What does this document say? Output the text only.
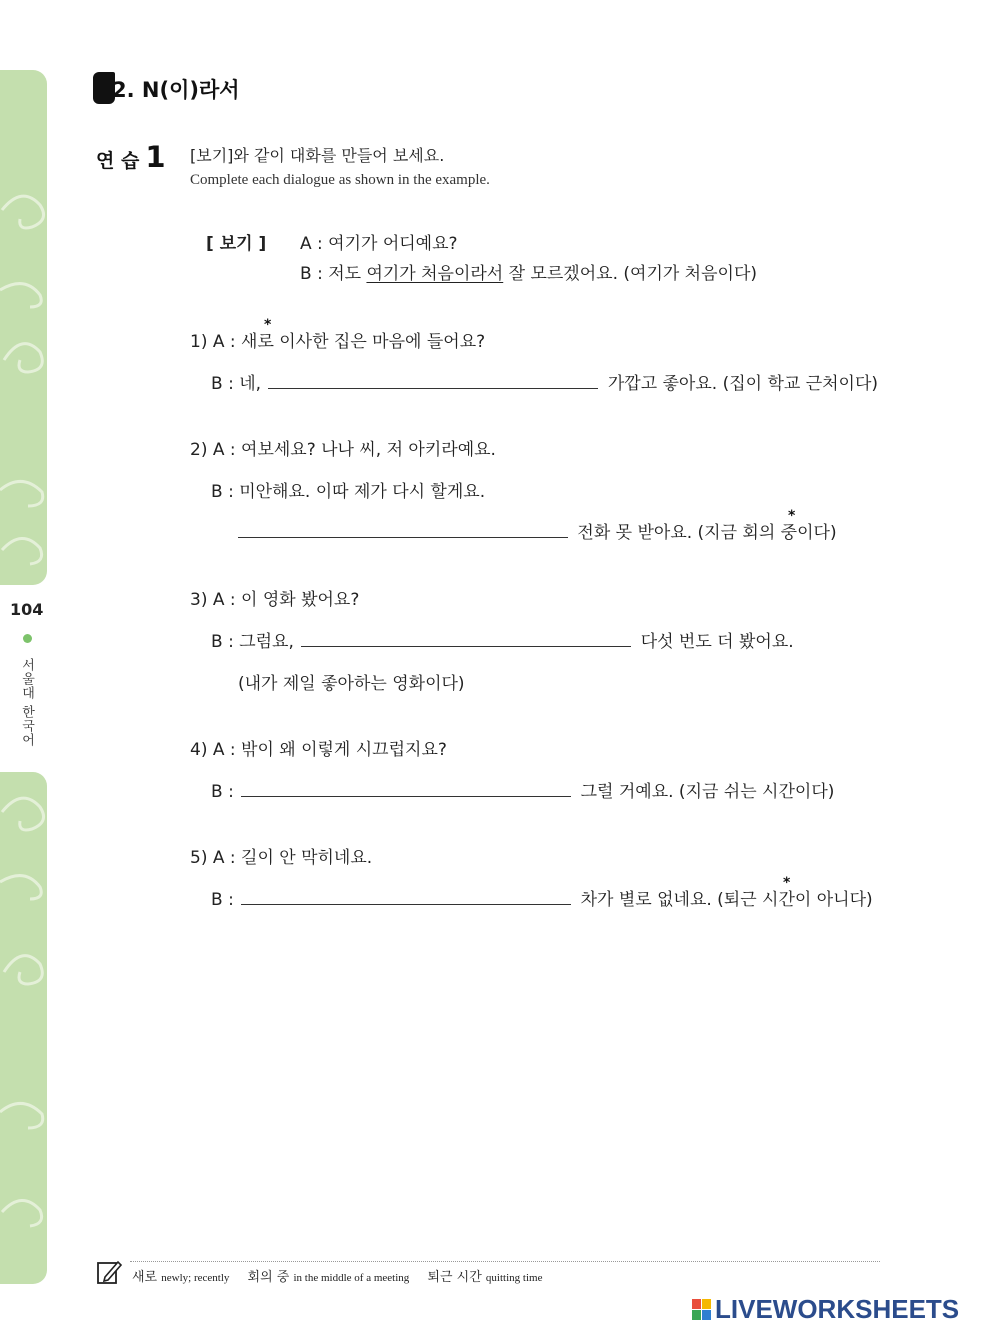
104
서울대 한국어
2. N(이)라서
연 습 1 [보기]와 같이 대화를 만들어 보세요.
Complete each dialogue as shown in the example.
[ 보기 ] A : 여기가 어디예요?
B : 저도 여기가 처음이라서 잘 모르겠어요. (여기가 처음이다)
1) A : 새로 이사한 집은 마음에 들어요?
*
B : 네,	가깝고 좋아요. (집이 학교 근처이다)
2) A : 여보세요? 나나 씨, 저 아키라예요.
B : 미안해요. 이따 제가 다시 할게요.
전화 못 받아요. (지금 회의 중이다)
*
3) A : 이 영화 봤어요?
B : 그럼요,	다섯 번도 더 봤어요.
(내가 제일 좋아하는 영화이다)
4) A : 밖이 왜 이렇게 시끄럽지요?
B :	그럴 거예요. (지금 쉬는 시간이다)
5) A : 길이 안 막히네요.
B :	차가 별로 없네요. (퇴근 시간이 아니다)
*
새로 newly; recently 회의 중 in the middle of a meeting 퇴근 시간 quitting time
LIVEWORKSHEETS
